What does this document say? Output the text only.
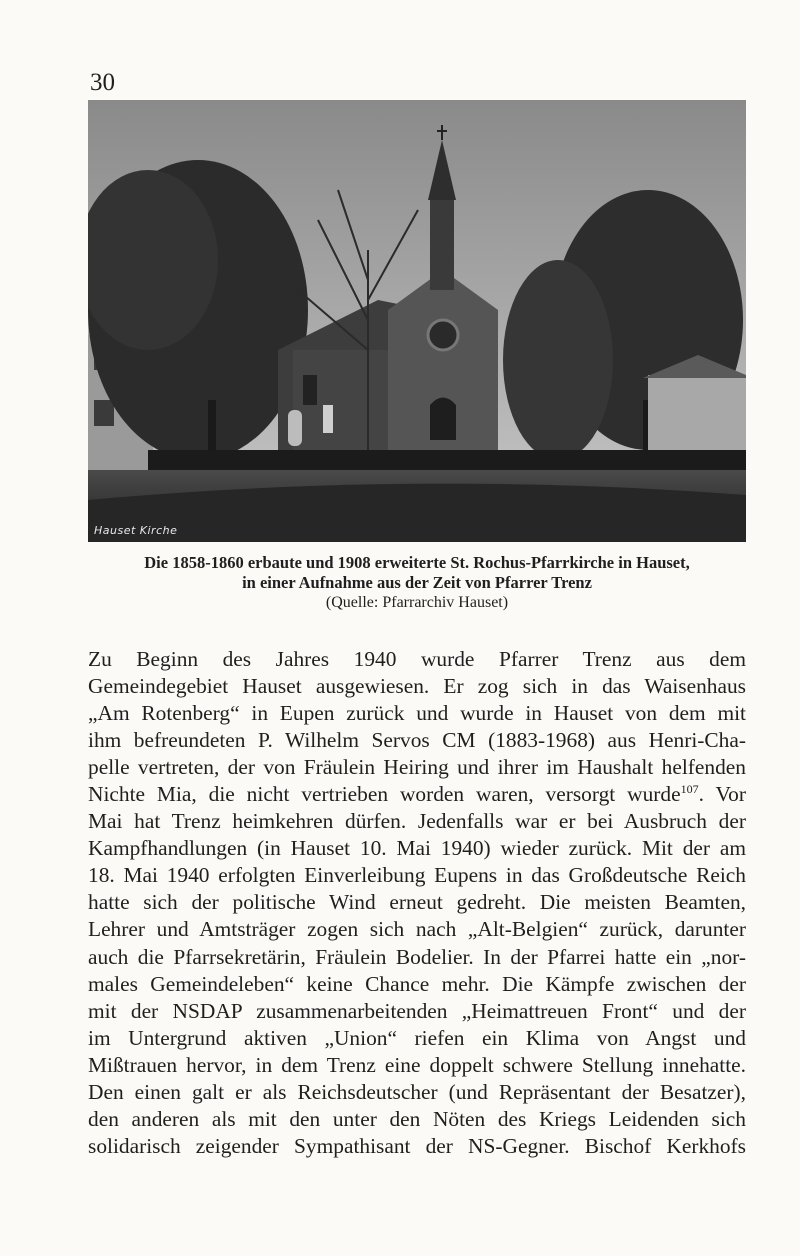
30
Hauset Kirche
Die 1858-1860 erbaute und 1908 erweiterte St. Rochus-Pfarrkirche in Hauset,
in einer Aufnahme aus der Zeit von Pfarrer Trenz
(Quelle: Pfarrarchiv Hauset)
Zu Beginn des Jahres 1940 wurde Pfarrer Trenz aus dem
Gemeindegebiet Hauset ausgewiesen. Er zog sich in das Waisenhaus
„Am Rotenberg“ in Eupen zurück und wurde in Hauset von dem mit
ihm befreundeten P. Wilhelm Servos CM (1883-1968) aus Henri-Cha-
pelle vertreten, der von Fräulein Heiring und ihrer im Haushalt helfenden
Nichte Mia, die nicht vertrieben worden waren, versorgt wurde$^{107}$. Vor
Mai hat Trenz heimkehren dürfen. Jedenfalls war er bei Ausbruch der
Kampfhandlungen (in Hauset 10. Mai 1940) wieder zurück. Mit der am
18. Mai 1940 erfolgten Einverleibung Eupens in das Großdeutsche Reich
hatte sich der politische Wind erneut gedreht. Die meisten Beamten,
Lehrer und Amtsträger zogen sich nach „Alt-Belgien“ zurück, darunter
auch die Pfarrsekretärin, Fräulein Bodelier. In der Pfarrei hatte ein „nor-
males Gemeindeleben“ keine Chance mehr. Die Kämpfe zwischen der
mit der NSDAP zusammenarbeitenden „Heimattreuen Front“ und der
im Untergrund aktiven „Union“ riefen ein Klima von Angst und
Mißtrauen hervor, in dem Trenz eine doppelt schwere Stellung innehatte.
Den einen galt er als Reichsdeutscher (und Repräsentant der Besatzer),
den anderen als mit den unter den Nöten des Kriegs Leidenden sich
solidarisch zeigender Sympathisant der NS-Gegner. Bischof Kerkhofs
